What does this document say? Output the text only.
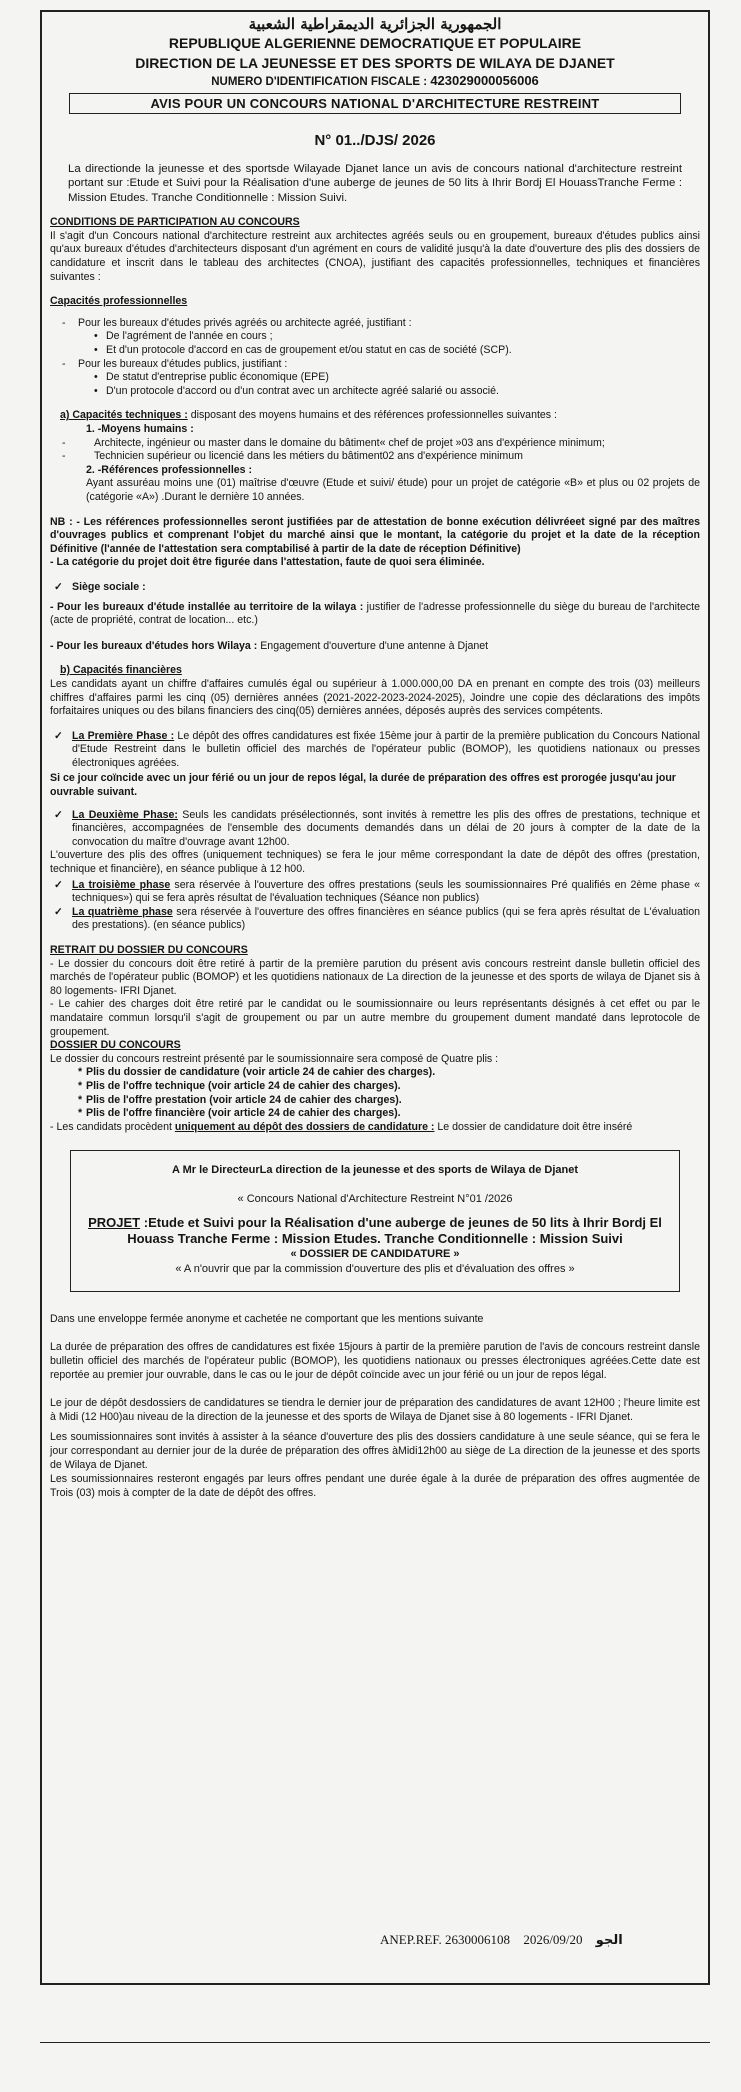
الجمهورية الجزائرية الديمقراطية الشعبية

REPUBLIQUE ALGERIENNE DEMOCRATIQUE ET POPULAIRE

DIRECTION DE LA JEUNESSE ET DES SPORTS DE WILAYA DE DJANET

NUMERO D'IDENTIFICATION FISCALE : 423029000056006

AVIS POUR UN CONCOURS NATIONAL D'ARCHITECTURE RESTREINT

N° 01../DJS/ 2026

La directionde la jeunesse et des sportsde Wilayade Djanet lance un avis de concours national d'architecture restreint portant sur :Etude et Suivi pour la Réalisation d'une auberge de jeunes de 50 lits à Ihrir Bordj El HouassTranche Ferme : Mission Etudes. Tranche Conditionnelle : Mission Suivi.

CONDITIONS DE PARTICIPATION AU CONCOURS

Il s'agit d'un Concours national d'architecture restreint aux architectes agréés seuls ou en groupement, bureaux d'études publics ainsi qu'aux bureaux d'études d'architecteurs disposant d'un agrément en cours de validité jusqu'à la date d'ouverture des plis des dossiers de candidature et inscrit dans le tableau des architectes (CNOA), justifiant des capacités professionnelles, techniques et financières suivantes :

Capacités professionnelles

- Pour les bureaux d'études privés agréés ou architecte agréé, justifiant :
• De l'agrément de l'année en cours ;
• Et d'un protocole d'accord en cas de groupement et/ou statut en cas de société (SCP).
- Pour les bureaux d'études publics, justifiant :
• De statut d'entreprise public économique (EPE)
• D'un protocole d'accord ou d'un contrat avec un architecte agréé salarié ou associé.

a) Capacités techniques : disposant des moyens humains et des références professionnelles suivantes :

1. -Moyens humains :

- Architecte, ingénieur ou master dans le domaine du bâtiment« chef de projet »03 ans d'expérience minimum;
- Technicien supérieur ou licencié dans les métiers du bâtiment02 ans d'expérience minimum

2. -Références professionnelles :

Ayant assuréau moins une (01) maîtrise d'œuvre (Etude et suivi/ étude) pour un projet de catégorie «B» et plus ou 02 projets de (catégorie «A») .Durant le dernière 10 années.

NB : - Les références professionnelles seront justifiées par de attestation de bonne exécution délivréeet signé par des maîtres d'ouvrages publics et comprenant l'objet du marché ainsi que le montant, la catégorie du projet et la date de la réception Définitive (l'année de l'attestation sera comptabilisé à partir de la date de réception Définitive)

- La catégorie du projet doit être figurée dans l'attestation, faute de quoi sera éliminée.

✓ Siège sociale :

- Pour les bureaux d'étude installée au territoire de la wilaya : justifier de l'adresse professionnelle du siège du bureau de l'architecte (acte de propriété, contrat de location... etc.)

- Pour les bureaux d'études hors Wilaya : Engagement d'ouverture d'une antenne à Djanet

b) Capacités financières

Les candidats ayant un chiffre d'affaires cumulés égal ou supérieur à 1.000.000,00 DA en prenant en compte des trois (03) meilleurs chiffres d'affaires parmi les cinq (05) dernières années (2021-2022-2023-2024-2025), Joindre une copie des déclarations des impôts forfaitaires uniques ou des bilans financiers des cinq(05) dernières années, déposés auprès des services compétents.

✓ La Première Phase : Le dépôt des offres candidatures est fixée 15ème jour à partir de la première publication du Concours National d'Etude Restreint dans le bulletin officiel des marchés de l'opérateur public (BOMOP), les quotidiens nationaux ou presses électroniques agréées.

Si ce jour coïncide avec un jour férié ou un jour de repos légal, la durée de préparation des offres est prorogée jusqu'au jour ouvrable suivant.

✓ La Deuxième Phase: Seuls les candidats présélectionnés, sont invités à remettre les plis des offres de prestations, technique et financières, accompagnées de l'ensemble des documents demandés dans un délai de 20 jours à compter de la date de la convocation du maître d'ouvrage avant 12h00.

L'ouverture des plis des offres (uniquement techniques) se fera le jour même correspondant la date de dépôt des offres (prestation, technique et financière), en séance publique à 12 h00.

✓ La troisième phase sera réservée à l'ouverture des offres prestations (seuls les soumissionnaires Pré qualifiés en 2ème phase « techniques») qui se fera après résultat de l'évaluation techniques (Séance non publics)

✓ La quatrième phase sera réservée à l'ouverture des offres financières en séance publics (qui se fera après résultat de L'évaluation des prestations). (en séance publics)

RETRAIT DU DOSSIER DU CONCOURS

- Le dossier du concours doit être retiré à partir de la première parution du présent avis concours restreint dansle bulletin officiel des marchés de l'opérateur public (BOMOP) et les quotidiens nationaux de La direction de la jeunesse et des sports de wilaya de Djanet sis à 80 logements- IFRI Djanet.

- Le cahier des charges doit être retiré par le candidat ou le soumissionnaire ou leurs représentants désignés à cet effet ou par le mandataire commun lorsqu'il s'agit de groupement ou par un autre membre du groupement dument mandaté dans leprotocole de groupement.

DOSSIER DU CONCOURS

Le dossier du concours restreint présenté par le soumissionnaire sera composé de Quatre plis :

* Plis du dossier de candidature (voir article 24 de cahier des charges).

* Plis de l'offre technique (voir article 24 de cahier des charges).

* Plis de l'offre prestation (voir article 24 de cahier des charges).

* Plis de l'offre financière (voir article 24 de cahier des charges).

- Les candidats procèdent uniquement au dépôt des dossiers de candidature : Le dossier de candidature doit être inséré

A Mr le DirecteurLa direction de la jeunesse et des sports de Wilaya de Djanet

« Concours National d'Architecture Restreint N°01 /2026

PROJET :Etude et Suivi pour la Réalisation d'une auberge de jeunes de 50 lits à Ihrir Bordj El Houass Tranche Ferme : Mission Etudes. Tranche Conditionnelle : Mission Suivi

« DOSSIER DE CANDIDATURE »

« A n'ouvrir que par la commission d'ouverture des plis et d'évaluation des offres »

Dans une enveloppe fermée anonyme et cachetée ne comportant que les mentions suivante

La durée de préparation des offres de candidatures est fixée 15jours à partir de la première parution de l'avis de concours restreint dansle bulletin officiel des marchés de l'opérateur public (BOMOP), les quotidiens nationaux ou presses électroniques agréées.Cette date est reportée au premier jour ouvrable, dans le cas ou le jour de dépôt coïncide avec un jour férié ou un jour de repos légal.

Le jour de dépôt desdossiers de candidatures se tiendra le dernier jour de préparation des candidatures de avant 12H00 ; l'heure limite est à Midi (12 H00)au niveau de la direction de la jeunesse et des sports de Wilaya de Djanet sise à 80 logements - IFRI Djanet.

Les soumissionnaires sont invités à assister à la séance d'ouverture des plis des dossiers candidature à une seule séance, qui se fera le jour correspondant au dernier jour de la durée de préparation des offres àMidi12h00 au siège de La direction de la jeunesse et des sports de Wilaya de Djanet.

Les soumissionnaires resteront engagés par leurs offres pendant une durée égale à la durée de préparation des offres augmentée de Trois (03) mois à compter de la date de dépôt des offres.

ANEP.REF. 2630006108 2026/09/20 الجو
